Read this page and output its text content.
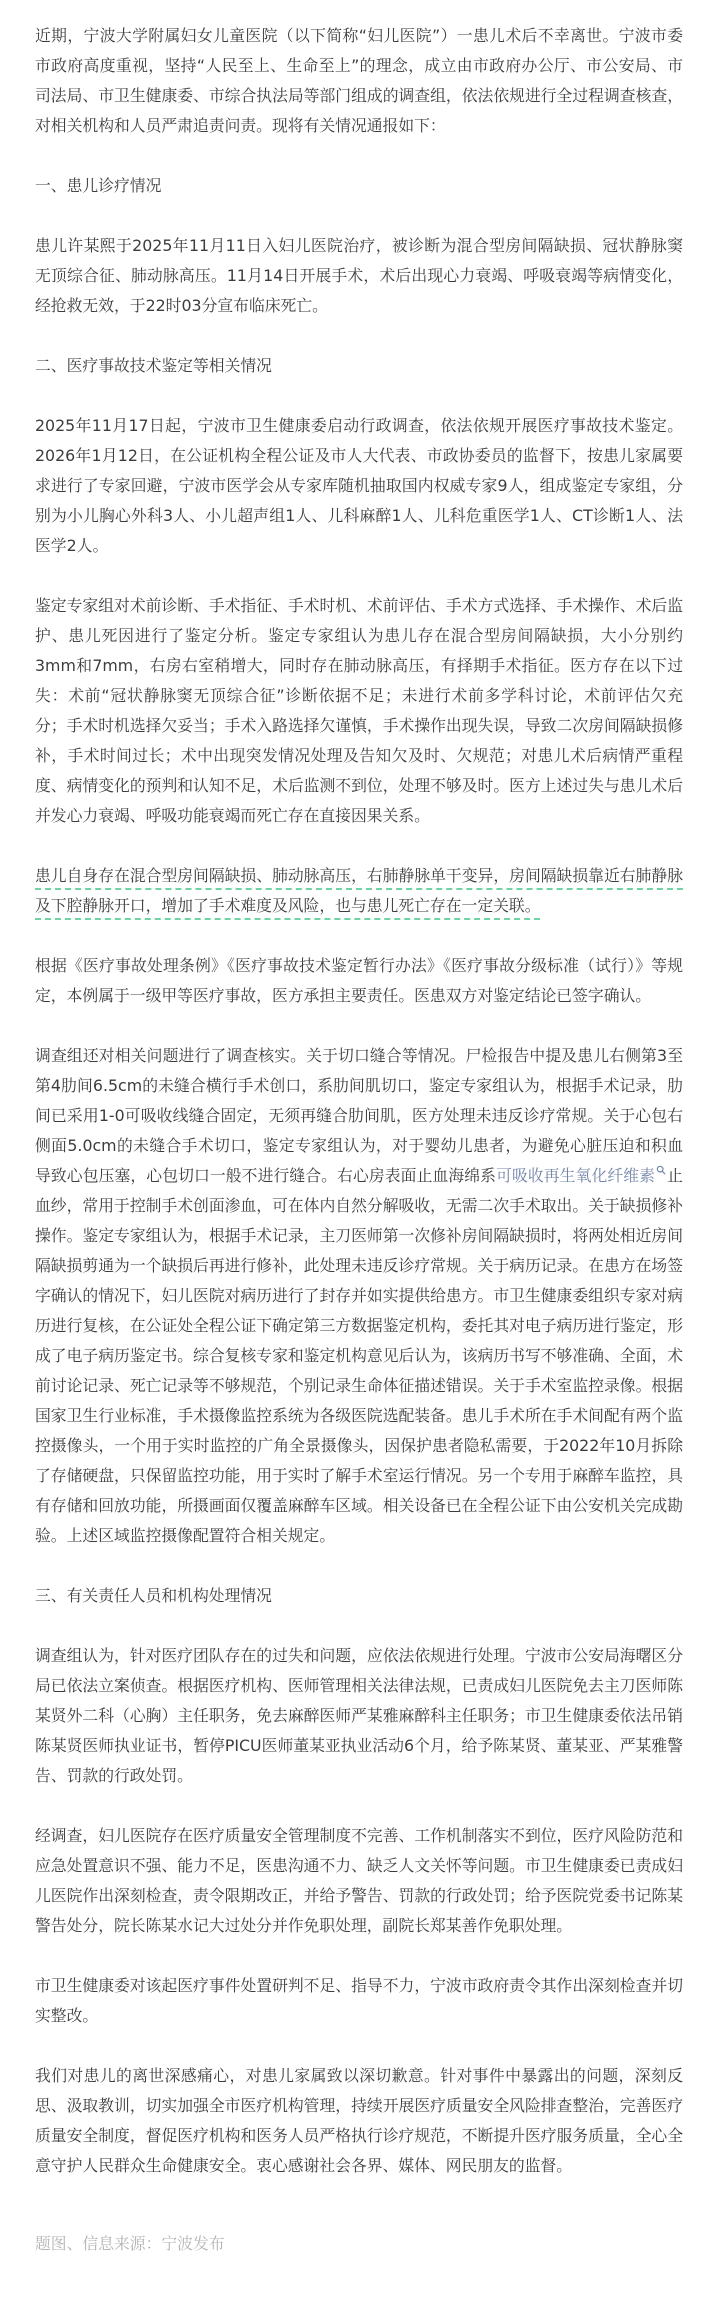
近期，宁波大学附属妇女儿童医院（以下简称“妇儿医院”）一患儿术后不幸离世。宁波市委市政府高度重视，坚持“人民至上、生命至上”的理念，成立由市政府办公厅、市公安局、市司法局、市卫生健康委、市综合执法局等部门组成的调查组，依法依规进行全过程调查核查，对相关机构和人员严肃追责问责。现将有关情况通报如下：

一、患儿诊疗情况

患儿许某熙于2025年11月11日入妇儿医院治疗，被诊断为混合型房间隔缺损、冠状静脉窦无顶综合征、肺动脉高压。11月14日开展手术，术后出现心力衰竭、呼吸衰竭等病情变化，经抢救无效，于22时03分宣布临床死亡。

二、医疗事故技术鉴定等相关情况

2025年11月17日起，宁波市卫生健康委启动行政调查，依法依规开展医疗事故技术鉴定。2026年1月12日，在公证机构全程公证及市人大代表、市政协委员的监督下，按患儿家属要求进行了专家回避，宁波市医学会从专家库随机抽取国内权威专家9人，组成鉴定专家组，分别为小儿胸心外科3人、小儿超声组1人、儿科麻醉1人、儿科危重医学1人、CT诊断1人、法医学2人。

鉴定专家组对术前诊断、手术指征、手术时机、术前评估、手术方式选择、手术操作、术后监护、患儿死因进行了鉴定分析。鉴定专家组认为患儿存在混合型房间隔缺损，大小分别约3mm和7mm，右房右室稍增大，同时存在肺动脉高压，有择期手术指征。医方存在以下过失：术前“冠状静脉窦无顶综合征”诊断依据不足；未进行术前多学科讨论，术前评估欠充分；手术时机选择欠妥当；手术入路选择欠谨慎，手术操作出现失误，导致二次房间隔缺损修补，手术时间过长；术中出现突发情况处理及告知欠及时、欠规范；对患儿术后病情严重程度、病情变化的预判和认知不足，术后监测不到位，处理不够及时。医方上述过失与患儿术后并发心力衰竭、呼吸功能衰竭而死亡存在直接因果关系。

患儿自身存在混合型房间隔缺损、肺动脉高压，右肺静脉单干变异，房间隔缺损靠近右肺静脉及下腔静脉开口，增加了手术难度及风险，也与患儿死亡存在一定关联。

根据《医疗事故处理条例》《医疗事故技术鉴定暂行办法》《医疗事故分级标准（试行）》等规定，本例属于一级甲等医疗事故，医方承担主要责任。医患双方对鉴定结论已签字确认。

调查组还对相关问题进行了调查核实。关于切口缝合等情况。尸检报告中提及患儿右侧第3至第4肋间6.5cm的未缝合横行手术创口，系肋间肌切口，鉴定专家组认为，根据手术记录，肋间已采用1-0可吸收线缝合固定，无须再缝合肋间肌，医方处理未违反诊疗常规。关于心包右侧面5.0cm的未缝合手术切口，鉴定专家组认为，对于婴幼儿患者，为避免心脏压迫和积血导致心包压塞，心包切口一般不进行缝合。右心房表面止血海绵系可吸收再生氧化纤维素 止血纱，常用于控制手术创面渗血，可在体内自然分解吸收，无需二次手术取出。关于缺损修补操作。鉴定专家组认为，根据手术记录，主刀医师第一次修补房间隔缺损时，将两处相近房间隔缺损剪通为一个缺损后再进行修补，此处理未违反诊疗常规。关于病历记录。在患方在场签字确认的情况下，妇儿医院对病历进行了封存并如实提供给患方。市卫生健康委组织专家对病历进行复核，在公证处全程公证下确定第三方数据鉴定机构，委托其对电子病历进行鉴定，形成了电子病历鉴定书。综合复核专家和鉴定机构意见后认为，该病历书写不够准确、全面，术前讨论记录、死亡记录等不够规范，个别记录生命体征描述错误。关于手术室监控录像。根据国家卫生行业标准，手术摄像监控系统为各级医院选配装备。患儿手术所在手术间配有两个监控摄像头，一个用于实时监控的广角全景摄像头，因保护患者隐私需要，于2022年10月拆除了存储硬盘，只保留监控功能，用于实时了解手术室运行情况。另一个专用于麻醉车监控，具有存储和回放功能，所摄画面仅覆盖麻醉车区域。相关设备已在全程公证下由公安机关完成勘验。上述区域监控摄像配置符合相关规定。

三、有关责任人员和机构处理情况

调查组认为，针对医疗团队存在的过失和问题，应依法依规进行处理。宁波市公安局海曙区分局已依法立案侦查。根据医疗机构、医师管理相关法律法规，已责成妇儿医院免去主刀医师陈某贤外二科（心胸）主任职务，免去麻醉医师严某雅麻醉科主任职务；市卫生健康委依法吊销陈某贤医师执业证书，暂停PICU医师董某亚执业活动6个月，给予陈某贤、董某亚、严某雅警告、罚款的行政处罚。

经调查，妇儿医院存在医疗质量安全管理制度不完善、工作机制落实不到位，医疗风险防范和应急处置意识不强、能力不足，医患沟通不力、缺乏人文关怀等问题。市卫生健康委已责成妇儿医院作出深刻检查，责令限期改正，并给予警告、罚款的行政处罚；给予医院党委书记陈某警告处分，院长陈某水记大过处分并作免职处理，副院长郑某善作免职处理。

市卫生健康委对该起医疗事件处置研判不足、指导不力，宁波市政府责令其作出深刻检查并切实整改。

我们对患儿的离世深感痛心，对患儿家属致以深切歉意。针对事件中暴露出的问题，深刻反思、汲取教训，切实加强全市医疗机构管理，持续开展医疗质量安全风险排查整治，完善医疗质量安全制度，督促医疗机构和医务人员严格执行诊疗规范，不断提升医疗服务质量，全心全意守护人民群众生命健康安全。衷心感谢社会各界、媒体、网民朋友的监督。

题图、信息来源：宁波发布
